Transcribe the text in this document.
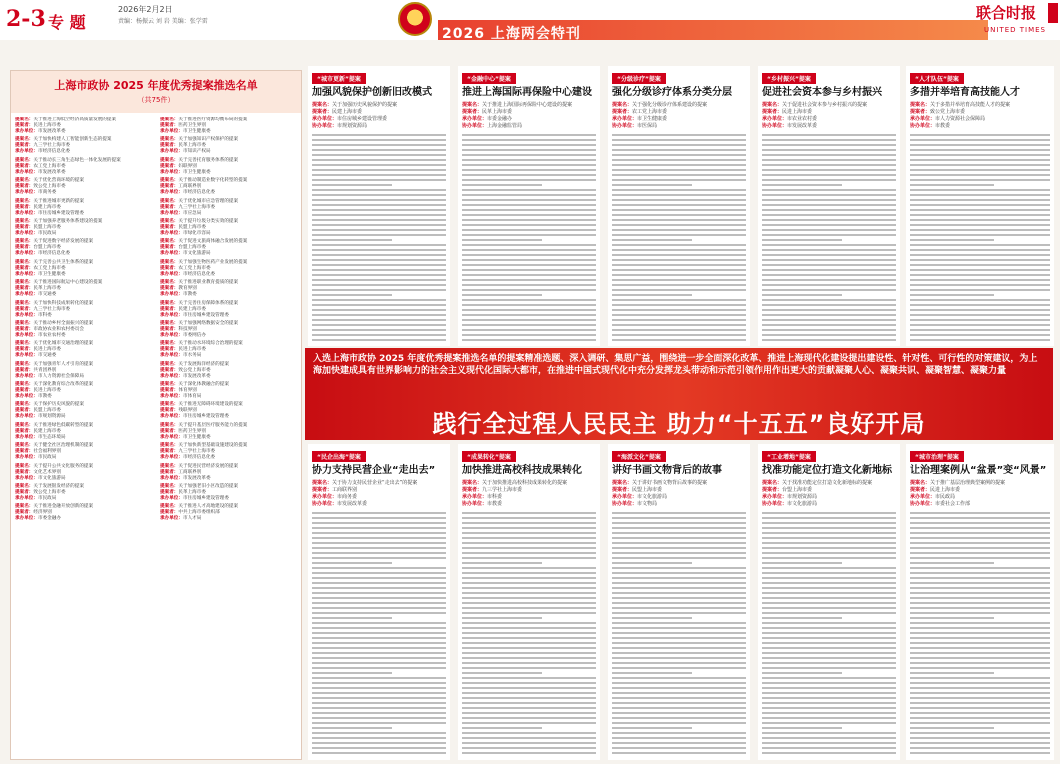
2-3 专 题
2026年2月2日
责编：杨振云 刘 岩 美编：张学雷
2026 上海两会特刊
联合时报
UNITED TIMES
上海市政协 2025 年度优秀提案推选名单
（共75件）
提案名：关于推进上海低空经济高质量发展的提案
提案者：民进上海市委
承办单位：市发展改革委
提案名：关于加快构建人工智能创新生态的提案
提案者：九三学社上海市委
承办单位：市经济信息化委
提案名：关于推动长三角生态绿色一体化发展的提案
提案者：农工党上海市委
承办单位：市发展改革委
提案名：关于优化营商环境的提案
提案者：致公党上海市委
承办单位：市商务委
提案名：关于推进城市更新的提案
提案者：民建上海市委
承办单位：市住房城乡建设管理委
提案名：关于加强养老服务体系建设的提案
提案者：民盟上海市委
承办单位：市民政局
提案名：关于促进数字经济发展的提案
提案者：台盟上海市委
承办单位：市经济信息化委
提案名：关于完善公共卫生体系的提案
提案者：农工党上海市委
承办单位：市卫生健康委
提案名：关于推进国际航运中心建设的提案
提案者：民革上海市委
承办单位：市交通委
提案名：关于加快科技成果转化的提案
提案者：九三学社上海市委
承办单位：市科委
提案名：关于推动乡村全面振兴的提案
提案者：市政协农业和农村委员会
承办单位：市农业农村委
提案名：关于优化城市交通治理的提案
提案者：民进上海市委
承办单位：市交通委
提案名：关于加强青年人才引育的提案
提案者：共青团界别
承办单位：市人力资源社会保障局
提案名：关于深化教育综合改革的提案
提案者：民进上海市委
承办单位：市教委
提案名：关于保护历史风貌的提案
提案者：民盟上海市委
承办单位：市规划资源局
提案名：关于推进绿色低碳转型的提案
提案者：民建上海市委
承办单位：市生态环境局
提案名：关于健全社区治理机制的提案
提案者：社会福利界别
承办单位：市民政局
提案名：关于提升公共文化服务的提案
提案者：文化艺术界别
承办单位：市文化旅游局
提案名：关于发展银发经济的提案
提案者：致公党上海市委
承办单位：市民政局
提案名：关于推进金融开放创新的提案
提案者：经济界别
承办单位：市委金融办
提案名：关于推进医疗资源均衡布局的提案
提案者：医药卫生界别
承办单位：市卫生健康委
提案名：关于加强知识产权保护的提案
提案者：民革上海市委
承办单位：市知识产权局
提案名：关于完善托育服务体系的提案
提案者：妇联界别
承办单位：市卫生健康委
提案名：关于推动制造业数字化转型的提案
提案者：工商联界别
承办单位：市经济信息化委
提案名：关于优化城市应急管理的提案
提案者：九三学社上海市委
承办单位：市应急局
提案名：关于提升垃圾分类实效的提案
提案者：民盟上海市委
承办单位：市绿化市容局
提案名：关于促进文旅商体融合发展的提案
提案者：台盟上海市委
承办单位：市文化旅游局
提案名：关于加强生物医药产业发展的提案
提案者：农工党上海市委
承办单位：市经济信息化委
提案名：关于推进职业教育提质的提案
提案者：教育界别
承办单位：市教委
提案名：关于完善住房保障体系的提案
提案者：民建上海市委
承办单位：市住房城乡建设管理委
提案名：关于加强网络数据安全的提案
提案者：科技界别
承办单位：市委网信办
提案名：关于推动水环境综合治理的提案
提案者：民进上海市委
承办单位：市水务局
提案名：关于发展海洋经济的提案
提案者：致公党上海市委
承办单位：市发展改革委
提案名：关于深化体教融合的提案
提案者：体育界别
承办单位：市体育局
提案名：关于推进无障碍环境建设的提案
提案者：残联界别
承办单位：市住房城乡建设管理委
提案名：关于提升基层医疗服务能力的提案
提案者：医药卫生界别
承办单位：市卫生健康委
提案名：关于加快新型基础设施建设的提案
提案者：九三学社上海市委
承办单位：市经济信息化委
提案名：关于促进民营经济发展的提案
提案者：工商联界别
承办单位：市发展改革委
提案名：关于加强老旧小区改造的提案
提案者：民革上海市委
承办单位：市住房城乡建设管理委
提案名：关于推进人才高地建设的提案
提案者：中共上海市委组织部
承办单位：市人才局
“城市更新”提案
加强风貌保护创新旧改模式
提案名：关于加强历史风貌保护的提案
提案者：民建上海市委
承办单位：市住房城乡建设管理委
协办单位：市规划资源局
“金融中心”提案
推进上海国际再保险中心建设
提案名：关于推进上海国际再保险中心建设的提案
提案者：民革上海市委
承办单位：市委金融办
协办单位：上海金融监管局
“分级诊疗”提案
强化分级诊疗体系分类分层
提案名：关于强化分级诊疗体系建设的提案
提案者：农工党上海市委
承办单位：市卫生健康委
协办单位：市医保局
“乡村振兴”提案
促进社会资本参与乡村振兴
提案名：关于促进社会资本参与乡村振兴的提案
提案者：民进上海市委
承办单位：市农业农村委
协办单位：市发展改革委
“人才队伍”提案
多措并举培育高技能人才
提案名：关于多措并举培育高技能人才的提案
提案者：致公党上海市委
承办单位：市人力资源社会保障局
协办单位：市教委
“民企出海”提案
协力支持民营企业“走出去”
提案名：关于协力支持民营企业“走出去”的提案
提案者：工商联界别
承办单位：市商务委
协办单位：市发展改革委
“成果转化”提案
加快推进高校科技成果转化
提案名：关于加快推进高校科技成果转化的提案
提案者：九三学社上海市委
承办单位：市科委
协办单位：市教委
“海派文化”提案
讲好书画文物背后的故事
提案名：关于讲好书画文物背后故事的提案
提案者：民盟上海市委
承办单位：市文化旅游局
协办单位：市文物局
“工业增地”提案
找准功能定位打造文化新地标
提案名：关于找准功能定位打造文化新地标的提案
提案者：台盟上海市委
承办单位：市规划资源局
协办单位：市文化旅游局
“城市治理”提案
让治理案例从“盆景”变“风景”
提案名：关于推广基层治理典型案例的提案
提案者：民进上海市委
承办单位：市民政局
协办单位：市委社会工作部
入选上海市政协 2025 年度优秀提案推选名单的提案精准选题、深入调研、集思广益，围绕进一步全面深化改革、推进上海现代化建设提出建设性、针对性、可行性的对策建议，为上海加快建成具有世界影响力的社会主义现代化国际大都市，在推进中国式现代化中充分发挥龙头带动和示范引领作用作出更大的贡献凝聚人心、凝聚共识、凝聚智慧、凝聚力量
践行全过程人民民主 助力“十五五”良好开局
